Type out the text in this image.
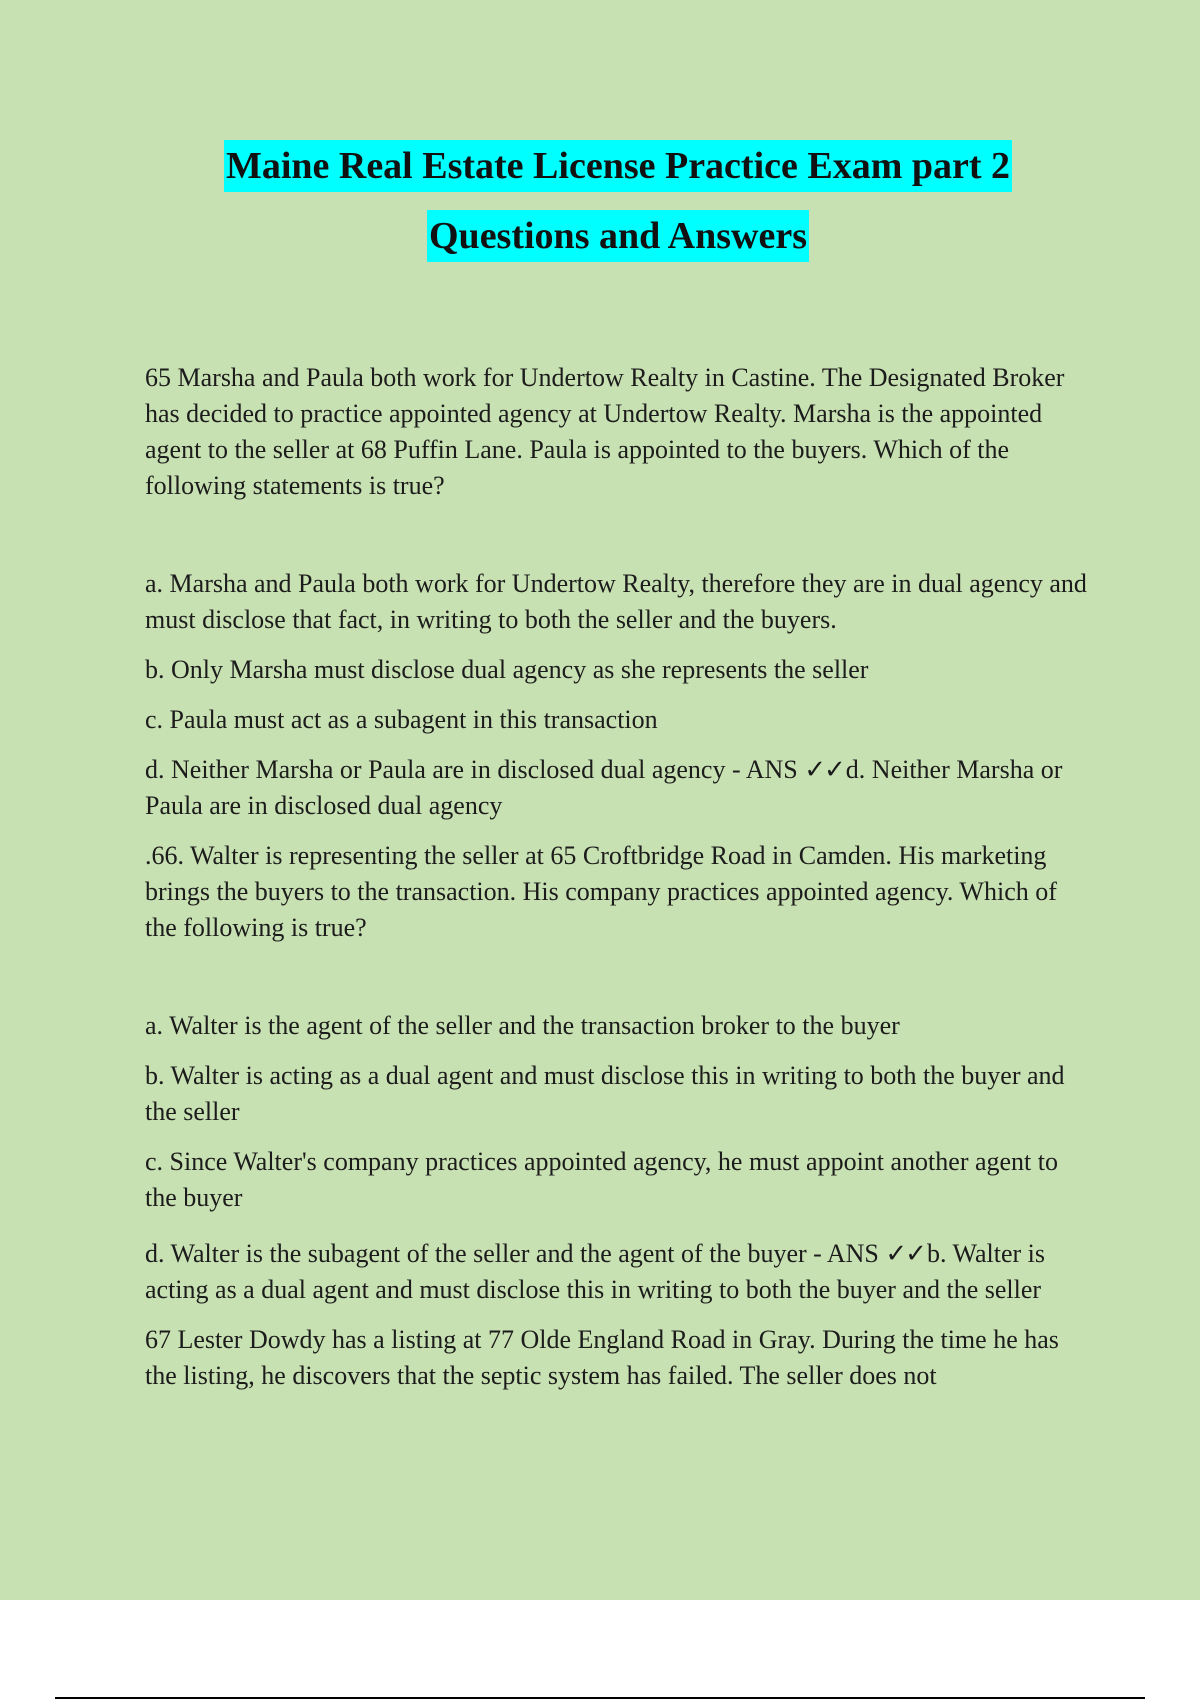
Maine Real Estate License Practice Exam part 2
Questions and Answers

65 Marsha and Paula both work for Undertow Realty in Castine. The Designated Broker has decided to practice appointed agency at Undertow Realty. Marsha is the appointed agent to the seller at 68 Puffin Lane. Paula is appointed to the buyers. Which of the following statements is true?

a. Marsha and Paula both work for Undertow Realty, therefore they are in dual agency and must disclose that fact, in writing to both the seller and the buyers.

b. Only Marsha must disclose dual agency as she represents the seller

c. Paula must act as a subagent in this transaction

d. Neither Marsha or Paula are in disclosed dual agency - ANS ✓✓d. Neither Marsha or Paula are in disclosed dual agency

.66. Walter is representing the seller at 65 Croftbridge Road in Camden. His marketing brings the buyers to the transaction. His company practices appointed agency. Which of the following is true?

a. Walter is the agent of the seller and the transaction broker to the buyer

b. Walter is acting as a dual agent and must disclose this in writing to both the buyer and the seller

c. Since Walter's company practices appointed agency, he must appoint another agent to the buyer

d. Walter is the subagent of the seller and the agent of the buyer - ANS ✓✓b. Walter is acting as a dual agent and must disclose this in writing to both the buyer and the seller

67 Lester Dowdy has a listing at 77 Olde England Road in Gray. During the time he has the listing, he discovers that the septic system has failed. The seller does not
